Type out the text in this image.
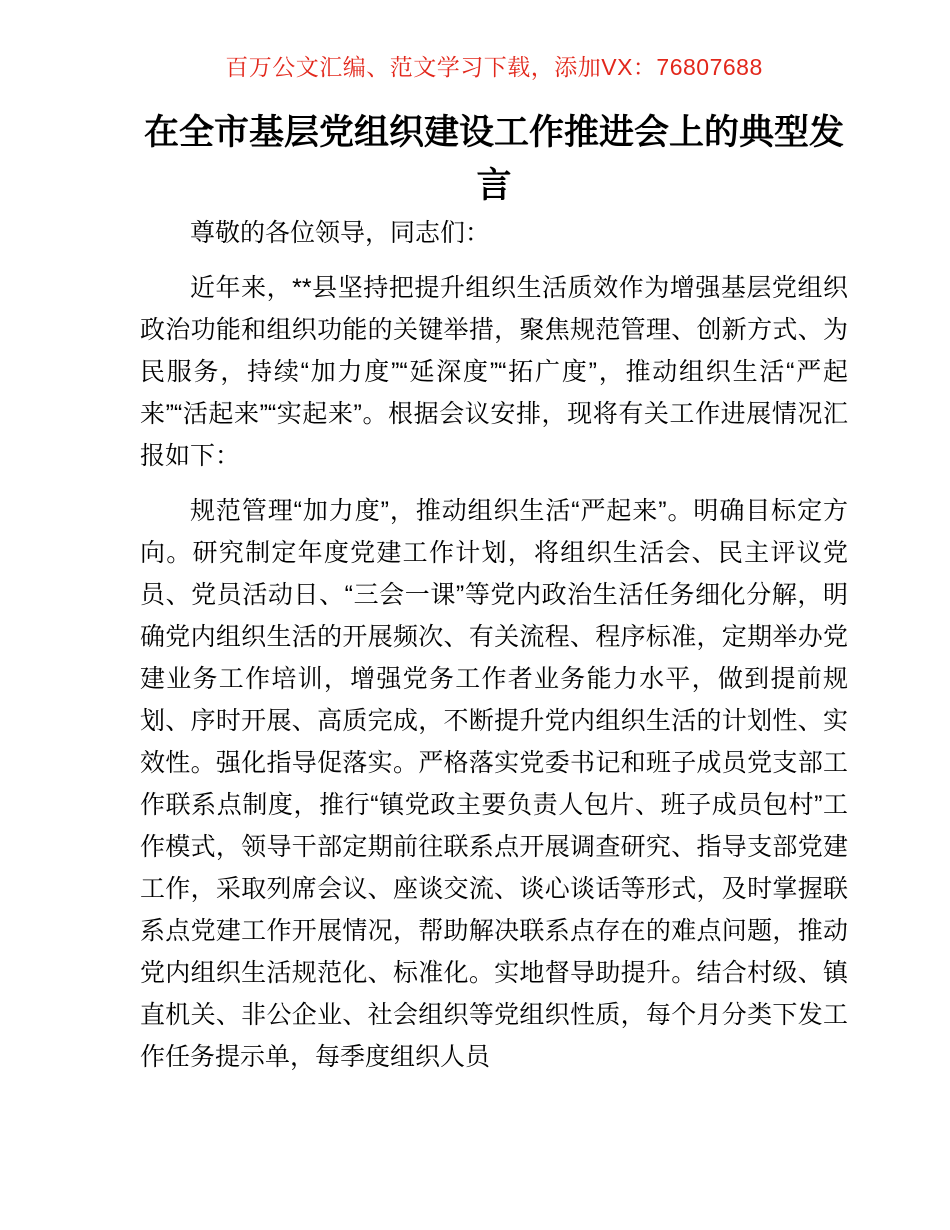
百万公文汇编、范文学习下载，添加VX：76807688
在全市基层党组织建设工作推进会上的典型发言

尊敬的各位领导，同志们：

近年来，**县坚持把提升组织生活质效作为增强基层党组织政治功能和组织功能的关键举措，聚焦规范管理、创新方式、为民服务，持续“加力度”“延深度”“拓广度”，推动组织生活“严起来”“活起来”“实起来”。根据会议安排，现将有关工作进展情况汇报如下：

规范管理“加力度”，推动组织生活“严起来”。明确目标定方向。研究制定年度党建工作计划，将组织生活会、民主评议党员、党员活动日、“三会一课”等党内政治生活任务细化分解，明确党内组织生活的开展频次、有关流程、程序标准，定期举办党建业务工作培训，增强党务工作者业务能力水平，做到提前规划、序时开展、高质完成，不断提升党内组织生活的计划性、实效性。强化指导促落实。严格落实党委书记和班子成员党支部工作联系点制度，推行“镇党政主要负责人包片、班子成员包村”工作模式，领导干部定期前往联系点开展调查研究、指导支部党建工作，采取列席会议、座谈交流、谈心谈话等形式，及时掌握联系点党建工作开展情况，帮助解决联系点存在的难点问题，推动党内组织生活规范化、标准化。实地督导助提升。结合村级、镇直机关、非公企业、社会组织等党组织性质，每个月分类下发工作任务提示单，每季度组织人员
